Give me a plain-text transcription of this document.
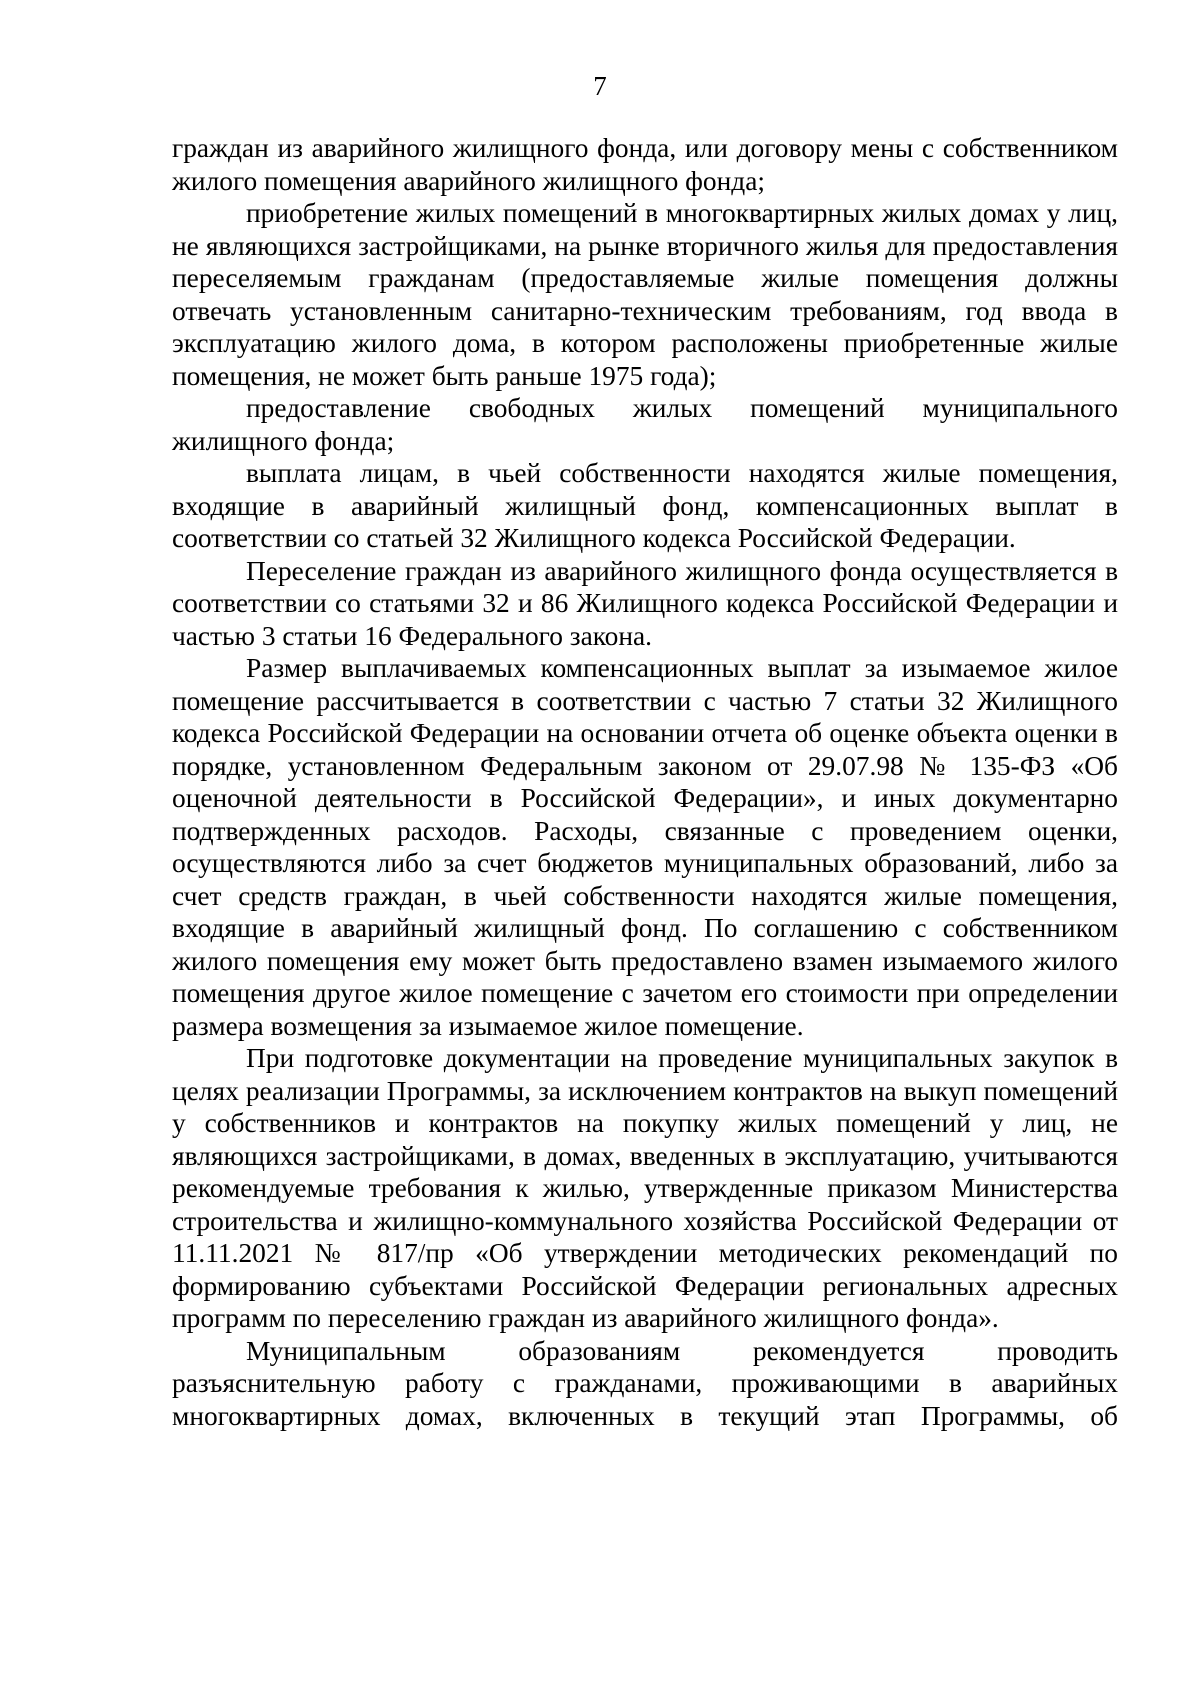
7

граждан из аварийного жилищного фонда, или договору мены с собственником жилого помещения аварийного жилищного фонда;

приобретение жилых помещений в многоквартирных жилых домах у лиц, не являющихся застройщиками, на рынке вторичного жилья для предоставления переселяемым гражданам (предоставляемые жилые помещения должны отвечать установленным санитарно-техническим требованиям, год ввода в эксплуатацию жилого дома, в котором расположены приобретенные жилые помещения, не может быть раньше 1975 года);

предоставление свободных жилых помещений муниципального жилищного фонда;

выплата лицам, в чьей собственности находятся жилые помещения, входящие в аварийный жилищный фонд, компенсационных выплат в соответствии со статьей 32 Жилищного кодекса Российской Федерации.

Переселение граждан из аварийного жилищного фонда осуществляется в соответствии со статьями 32 и 86 Жилищного кодекса Российской Федерации и частью 3 статьи 16 Федерального закона.

Размер выплачиваемых компенсационных выплат за изымаемое жилое помещение рассчитывается в соответствии с частью 7 статьи 32 Жилищного кодекса Российской Федерации на основании отчета об оценке объекта оценки в порядке, установленном Федеральным законом от 29.07.98 № 135-ФЗ «Об оценочной деятельности в Российской Федерации», и иных документарно подтвержденных расходов. Расходы, связанные с проведением оценки, осуществляются либо за счет бюджетов муниципальных образований, либо за счет средств граждан, в чьей собственности находятся жилые помещения, входящие в аварийный жилищный фонд. По соглашению с собственником жилого помещения ему может быть предоставлено взамен изымаемого жилого помещения другое жилое помещение с зачетом его стоимости при определении размера возмещения за изымаемое жилое помещение.

При подготовке документации на проведение муниципальных закупок в целях реализации Программы, за исключением контрактов на выкуп помещений у собственников и контрактов на покупку жилых помещений у лиц, не являющихся застройщиками, в домах, введенных в эксплуатацию, учитываются рекомендуемые требования к жилью, утвержденные приказом Министерства строительства и жилищно-коммунального хозяйства Российской Федерации от 11.11.2021 № 817/пр «Об утверждении методических рекомендаций по формированию субъектами Российской Федерации региональных адресных программ по переселению граждан из аварийного жилищного фонда».

Муниципальным образованиям рекомендуется проводить разъяснительную работу с гражданами, проживающими в аварийных многоквартирных домах, включенных в текущий этап Программы, об
